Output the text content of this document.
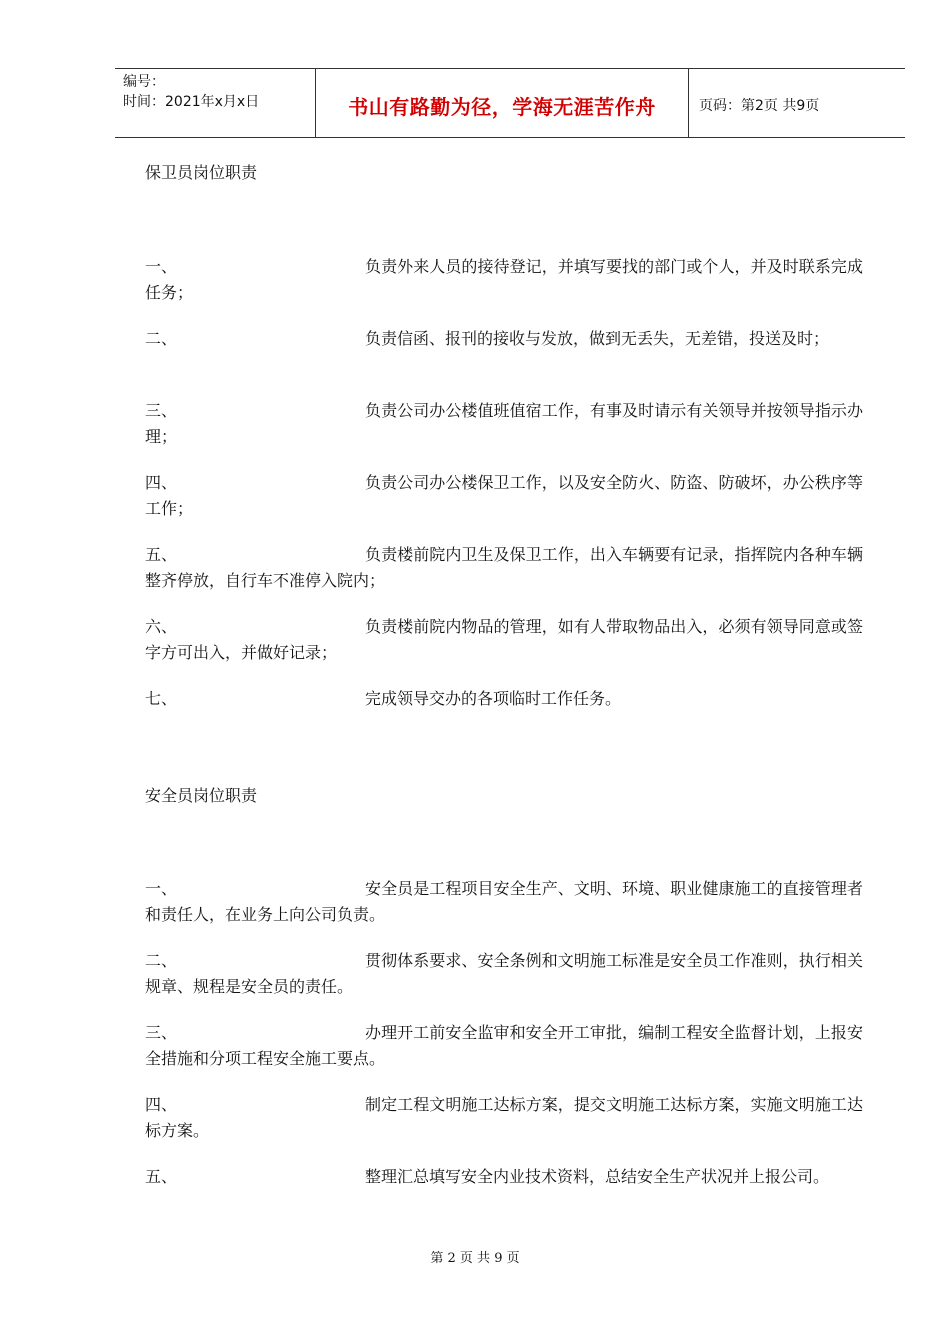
编号：
时间：2021年x月x日	书山有路勤为径，学海无涯苦作舟	页码：第2页 共9页
保卫员岗位职责
一、	负责外来人员的接待登记，并填写要找的部门或个人，并及时联系完成任务；

二、	负责信函、报刊的接收与发放，做到无丢失，无差错，投送及时；

三、	负责公司办公楼值班值宿工作，有事及时请示有关领导并按领导指示办理；

四、	负责公司办公楼保卫工作，以及安全防火、防盗、防破坏，办公秩序等工作；

五、	负责楼前院内卫生及保卫工作，出入车辆要有记录，指挥院内各种车辆整齐停放，自行车不准停入院内；

六、	负责楼前院内物品的管理，如有人带取物品出入，必须有领导同意或签字方可出入，并做好记录；

七、	完成领导交办的各项临时工作任务。

安全员岗位职责
一、	安全员是工程项目安全生产、文明、环境、职业健康施工的直接管理者和责任人，在业务上向公司负责。

二、	贯彻体系要求、安全条例和文明施工标准是安全员工作准则，执行相关规章、规程是安全员的责任。

三、	办理开工前安全监审和安全开工审批，编制工程安全监督计划，上报安全措施和分项工程安全施工要点。

四、	制定工程文明施工达标方案，提交文明施工达标方案，实施文明施工达标方案。

五、	整理汇总填写安全内业技术资料，总结安全生产状况并上报公司。

第 2 页 共 9 页
